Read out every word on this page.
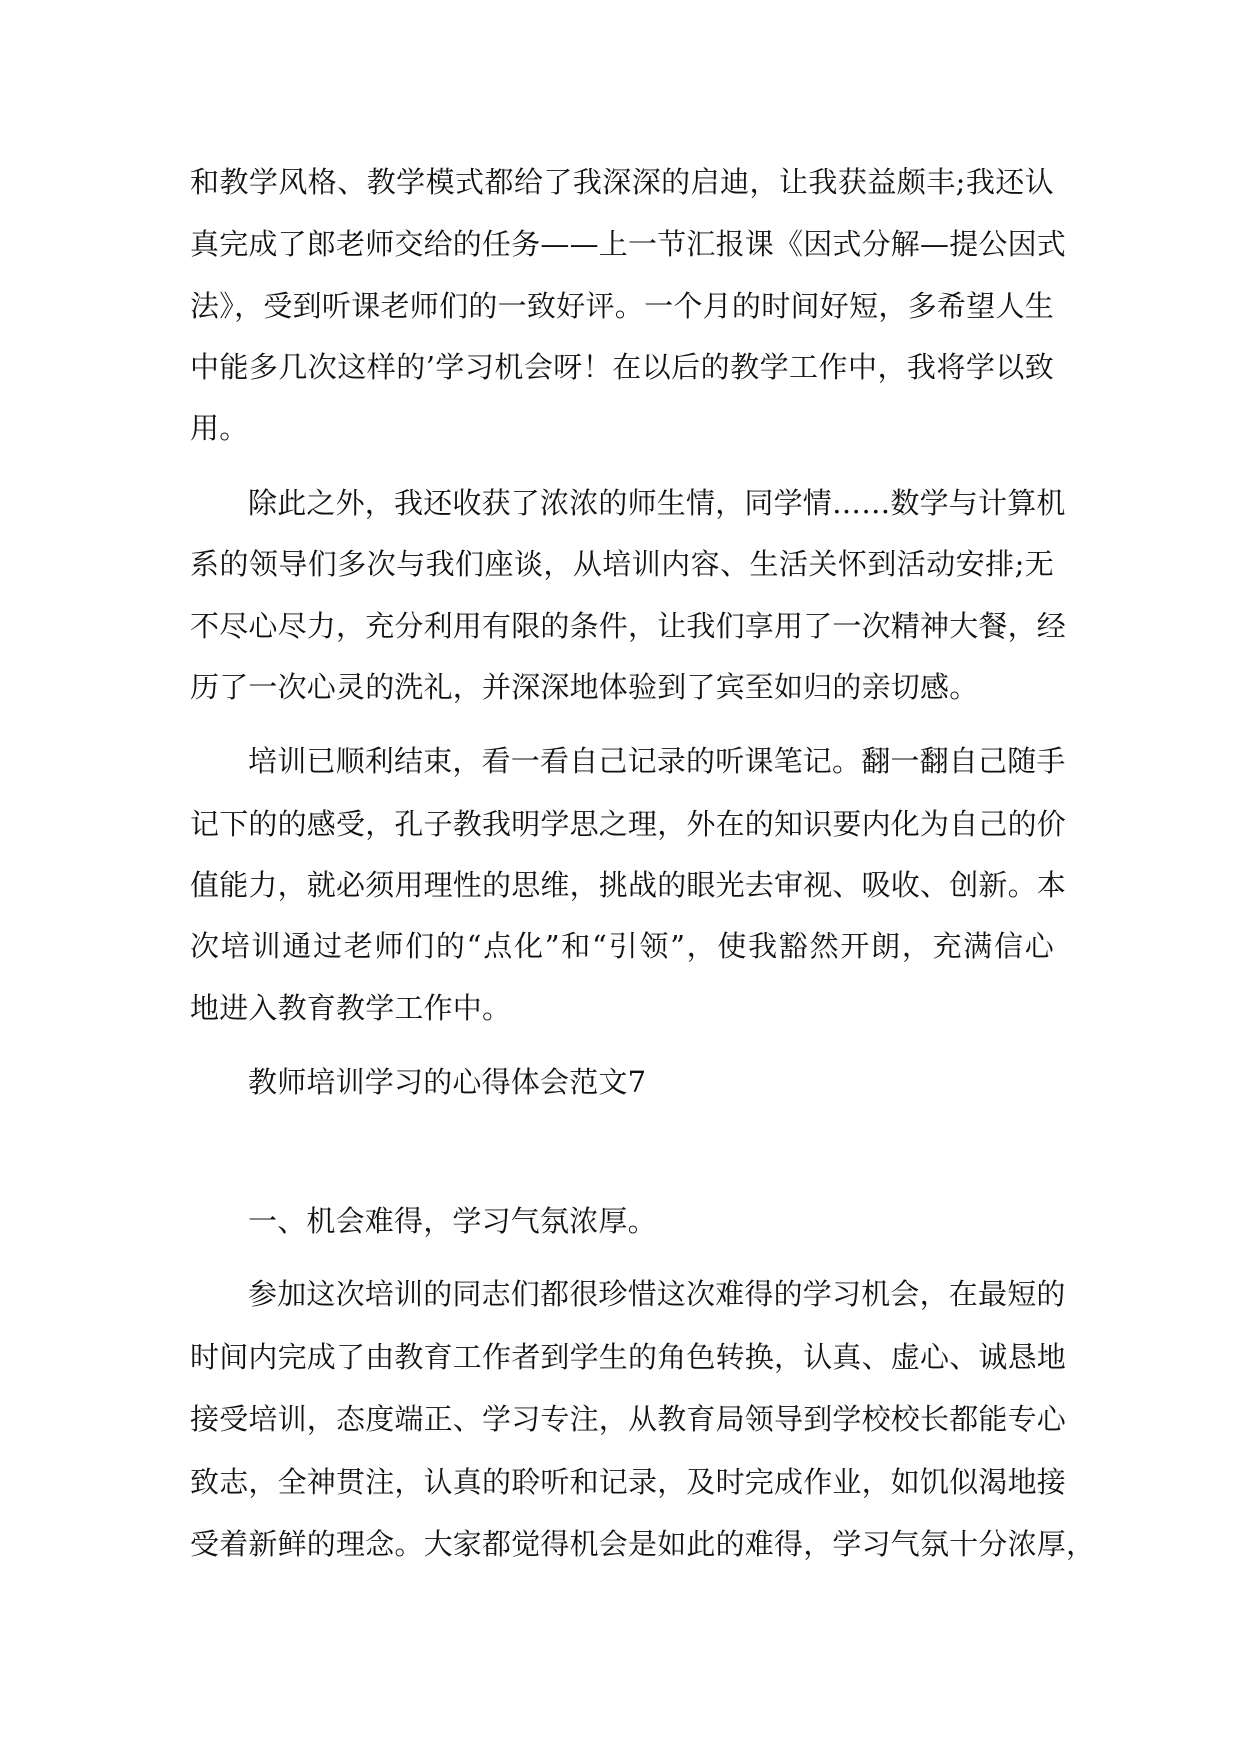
和教学风格、教学模式都给了我深深的启迪，让我获益颇丰;我还认
真完成了郎老师交给的任务——上一节汇报课《因式分解—提公因式
法》，受到听课老师们的一致好评。一个月的时间好短，多希望人生
中能多几次这样的’学习机会呀！在以后的教学工作中，我将学以致
用。
除此之外，我还收获了浓浓的师生情，同学情……数学与计算机
系的领导们多次与我们座谈，从培训内容、生活关怀到活动安排;无
不尽心尽力，充分利用有限的条件，让我们享用了一次精神大餐，经
历了一次心灵的洗礼，并深深地体验到了宾至如归的亲切感。
培训已顺利结束，看一看自己记录的听课笔记。翻一翻自己随手
记下的的感受，孔子教我明学思之理，外在的知识要内化为自己的价
值能力，就必须用理性的思维，挑战的眼光去审视、吸收、创新。本
次培训通过老师们的“点化”和“引领”，使我豁然开朗，充满信心
地进入教育教学工作中。
教师培训学习的心得体会范文7
一、机会难得，学习气氛浓厚。
参加这次培训的同志们都很珍惜这次难得的学习机会，在最短的
时间内完成了由教育工作者到学生的角色转换，认真、虚心、诚恳地
接受培训，态度端正、学习专注，从教育局领导到学校校长都能专心
致志，全神贯注，认真的聆听和记录，及时完成作业，如饥似渴地接
受着新鲜的理念。大家都觉得机会是如此的难得，学习气氛十分浓厚，
